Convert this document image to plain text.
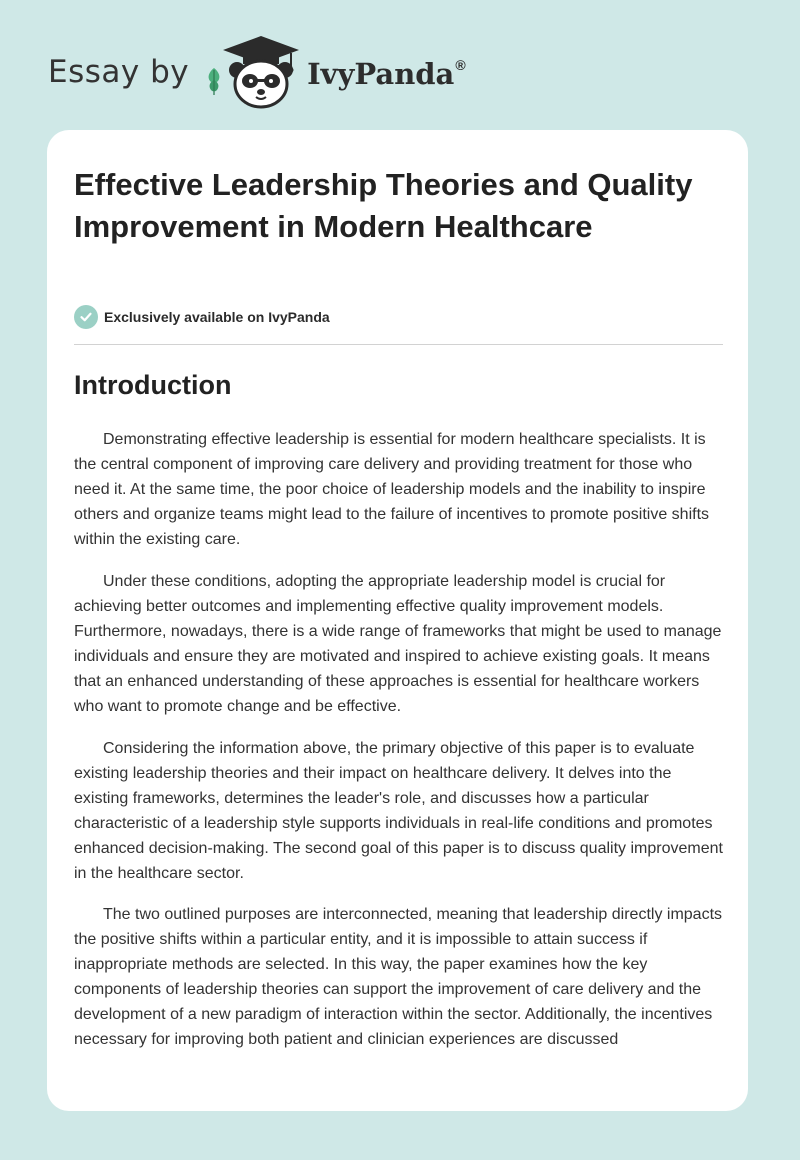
Essay by	IvyPanda®
Effective Leadership Theories and Quality Improvement in Modern Healthcare
Exclusively available on IvyPanda
Introduction

Demonstrating effective leadership is essential for modern healthcare specialists. It is the central component of improving care delivery and providing treatment for those who need it. At the same time, the poor choice of leadership models and the inability to inspire others and organize teams might lead to the failure of incentives to promote positive shifts within the existing care.

Under these conditions, adopting the appropriate leadership model is crucial for achieving better outcomes and implementing effective quality improvement models. Furthermore, nowadays, there is a wide range of frameworks that might be used to manage individuals and ensure they are motivated and inspired to achieve existing goals. It means that an enhanced understanding of these approaches is essential for healthcare workers who want to promote change and be effective.

Considering the information above, the primary objective of this paper is to evaluate existing leadership theories and their impact on healthcare delivery. It delves into the existing frameworks, determines the leader's role, and discusses how a particular characteristic of a leadership style supports individuals in real-life conditions and promotes enhanced decision-making. The second goal of this paper is to discuss quality improvement in the healthcare sector.

The two outlined purposes are interconnected, meaning that leadership directly impacts the positive shifts within a particular entity, and it is impossible to attain success if inappropriate methods are selected. In this way, the paper examines how the key components of leadership theories can support the improvement of care delivery and the development of a new paradigm of interaction within the sector. Additionally, the incentives necessary for improving both patient and clinician experiences are discussed
